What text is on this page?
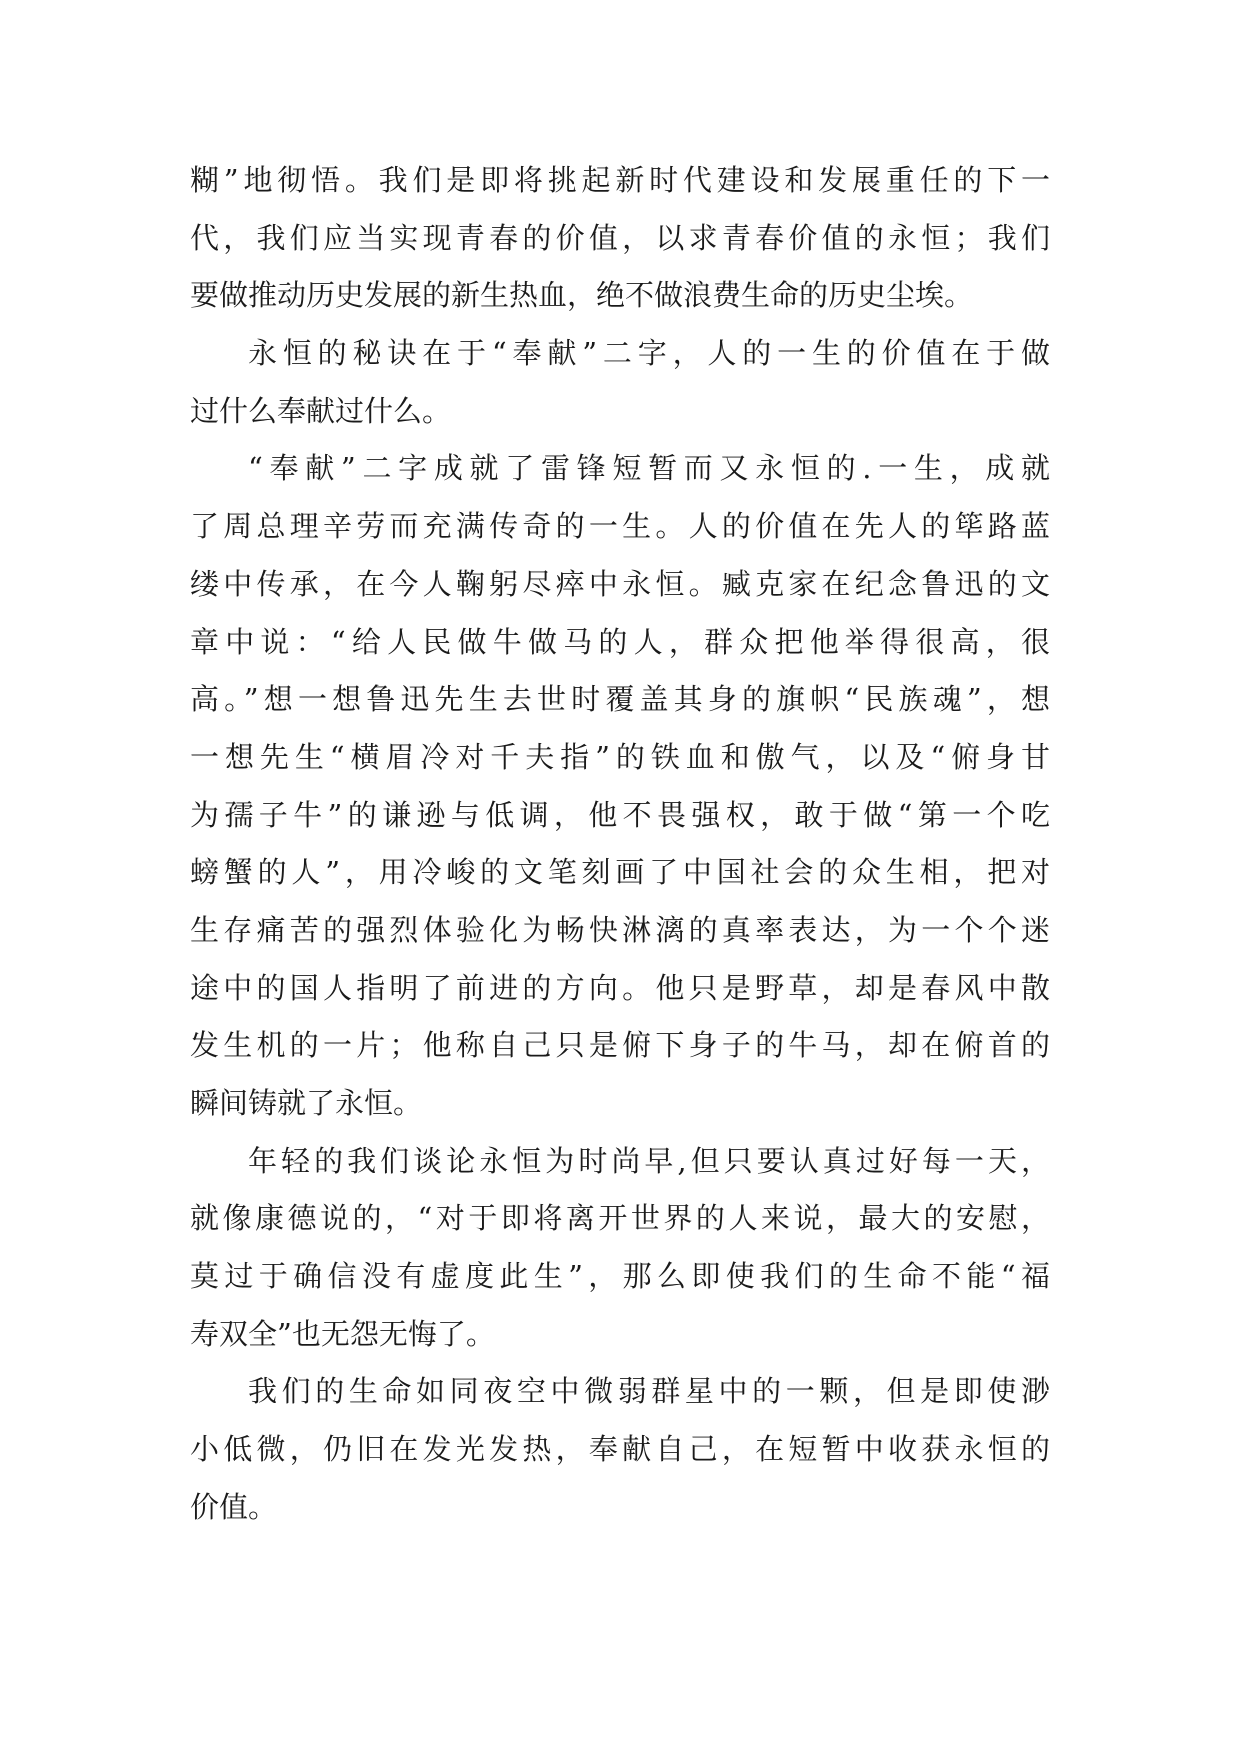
糊”地彻悟。我们是即将挑起新时代建设和发展重任的下一
代，我们应当实现青春的价值，以求青春价值的永恒；我们
要做推动历史发展的新生热血，绝不做浪费生命的历史尘埃。
永恒的秘诀在于“奉献”二字，人的一生的价值在于做
过什么奉献过什么。
“奉献”二字成就了雷锋短暂而又永恒的.一生，成就
了周总理辛劳而充满传奇的一生。人的价值在先人的筚路蓝
缕中传承，在今人鞠躬尽瘁中永恒。臧克家在纪念鲁迅的文
章中说：“给人民做牛做马的人，群众把他举得很高，很
高。”想一想鲁迅先生去世时覆盖其身的旗帜“民族魂”，想
一想先生“横眉冷对千夫指”的铁血和傲气，以及“俯身甘
为孺子牛”的谦逊与低调，他不畏强权，敢于做“第一个吃
螃蟹的人”，用冷峻的文笔刻画了中国社会的众生相，把对
生存痛苦的强烈体验化为畅快淋漓的真率表达，为一个个迷
途中的国人指明了前进的方向。他只是野草，却是春风中散
发生机的一片；他称自己只是俯下身子的牛马，却在俯首的
瞬间铸就了永恒。
年轻的我们谈论永恒为时尚早,但只要认真过好每一天，
就像康德说的，“对于即将离开世界的人来说，最大的安慰，
莫过于确信没有虚度此生”，那么即使我们的生命不能“福
寿双全”也无怨无悔了。
我们的生命如同夜空中微弱群星中的一颗，但是即使渺
小低微，仍旧在发光发热，奉献自己，在短暂中收获永恒的
价值。
